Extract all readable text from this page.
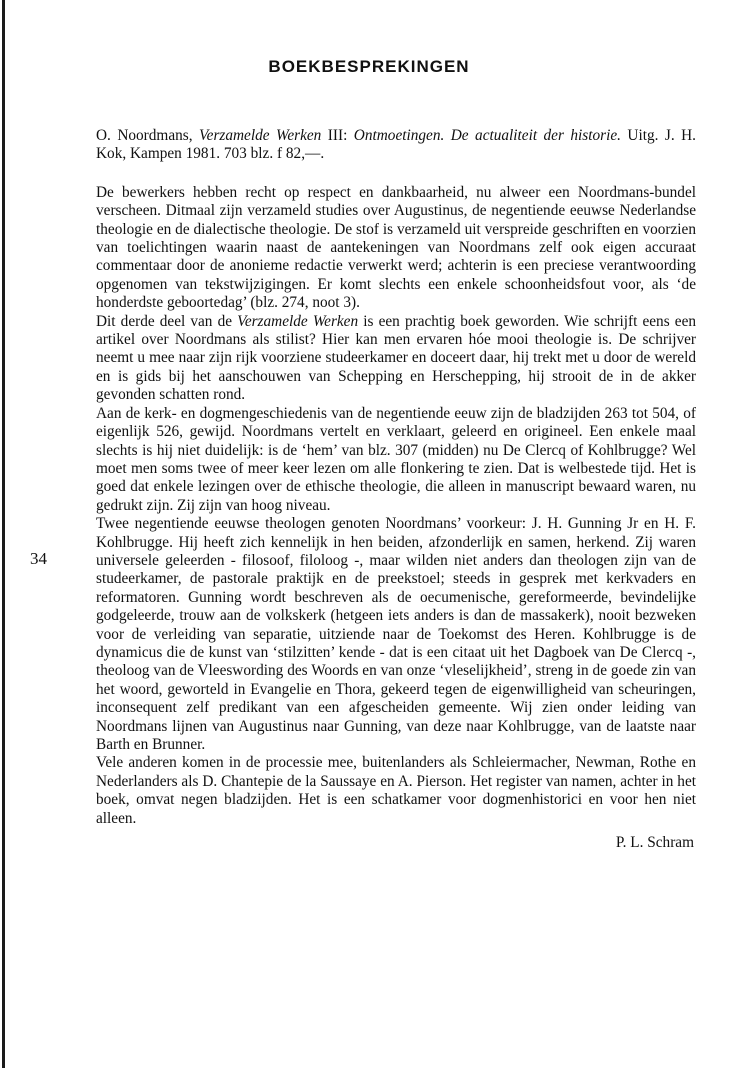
BOEKBESPREKINGEN
34

O. Noordmans, Verzamelde Werken III: Ontmoetingen. De actualiteit der historie. Uitg. J. H. Kok, Kampen 1981. 703 blz. f 82,—.

De bewerkers hebben recht op respect en dankbaarheid, nu alweer een Noordmans-bundel verscheen. Ditmaal zijn verzameld studies over Augustinus, de negentiende eeuwse Nederlandse theologie en de dialectische theologie. De stof is verzameld uit verspreide geschriften en voorzien van toelichtingen waarin naast de aantekeningen van Noordmans zelf ook eigen accuraat commentaar door de anonieme redactie verwerkt werd; achterin is een preciese verantwoording opgenomen van tekstwijzigingen. Er komt slechts een enkele schoonheidsfout voor, als ‘de honderdste geboortedag’ (blz. 274, noot 3).

Dit derde deel van de Verzamelde Werken is een prachtig boek geworden. Wie schrijft eens een artikel over Noordmans als stilist? Hier kan men ervaren hóe mooi theologie is. De schrijver neemt u mee naar zijn rijk voorziene studeerkamer en doceert daar, hij trekt met u door de wereld en is gids bij het aanschouwen van Schepping en Herschepping, hij strooit de in de akker gevonden schatten rond.

Aan de kerk- en dogmengeschiedenis van de negentiende eeuw zijn de bladzijden 263 tot 504, of eigenlijk 526, gewijd. Noordmans vertelt en verklaart, geleerd en origineel. Een enkele maal slechts is hij niet duidelijk: is de ‘hem’ van blz. 307 (midden) nu De Clercq of Kohlbrugge? Wel moet men soms twee of meer keer lezen om alle flonkering te zien. Dat is welbestede tijd. Het is goed dat enkele lezingen over de ethische theologie, die alleen in manuscript bewaard waren, nu gedrukt zijn. Zij zijn van hoog niveau.

Twee negentiende eeuwse theologen genoten Noordmans’ voorkeur: J. H. Gunning Jr en H. F. Kohlbrugge. Hij heeft zich kennelijk in hen beiden, afzonderlijk en samen, herkend. Zij waren universele geleerden - filosoof, filoloog -, maar wilden niet anders dan theologen zijn van de studeerkamer, de pastorale praktijk en de preekstoel; steeds in gesprek met kerkvaders en reformatoren. Gunning wordt beschreven als de oecumenische, gereformeerde, bevindelijke godgeleerde, trouw aan de volkskerk (hetgeen iets anders is dan de massakerk), nooit bezweken voor de verleiding van separatie, uitziende naar de Toekomst des Heren. Kohlbrugge is de dynamicus die de kunst van ‘stilzitten’ kende - dat is een citaat uit het Dagboek van De Clercq -, theoloog van de Vleeswording des Woords en van onze ‘vleselijkheid’, streng in de goede zin van het woord, geworteld in Evangelie en Thora, gekeerd tegen de eigenwilligheid van scheuringen, inconsequent zelf predikant van een afgescheiden gemeente. Wij zien onder leiding van Noordmans lijnen van Augustinus naar Gunning, van deze naar Kohlbrugge, van de laatste naar Barth en Brunner.

Vele anderen komen in de processie mee, buitenlanders als Schleiermacher, Newman, Rothe en Nederlanders als D. Chantepie de la Saussaye en A. Pierson. Het register van namen, achter in het boek, omvat negen bladzijden. Het is een schatkamer voor dogmenhistorici en voor hen niet alleen.

P. L. Schram
